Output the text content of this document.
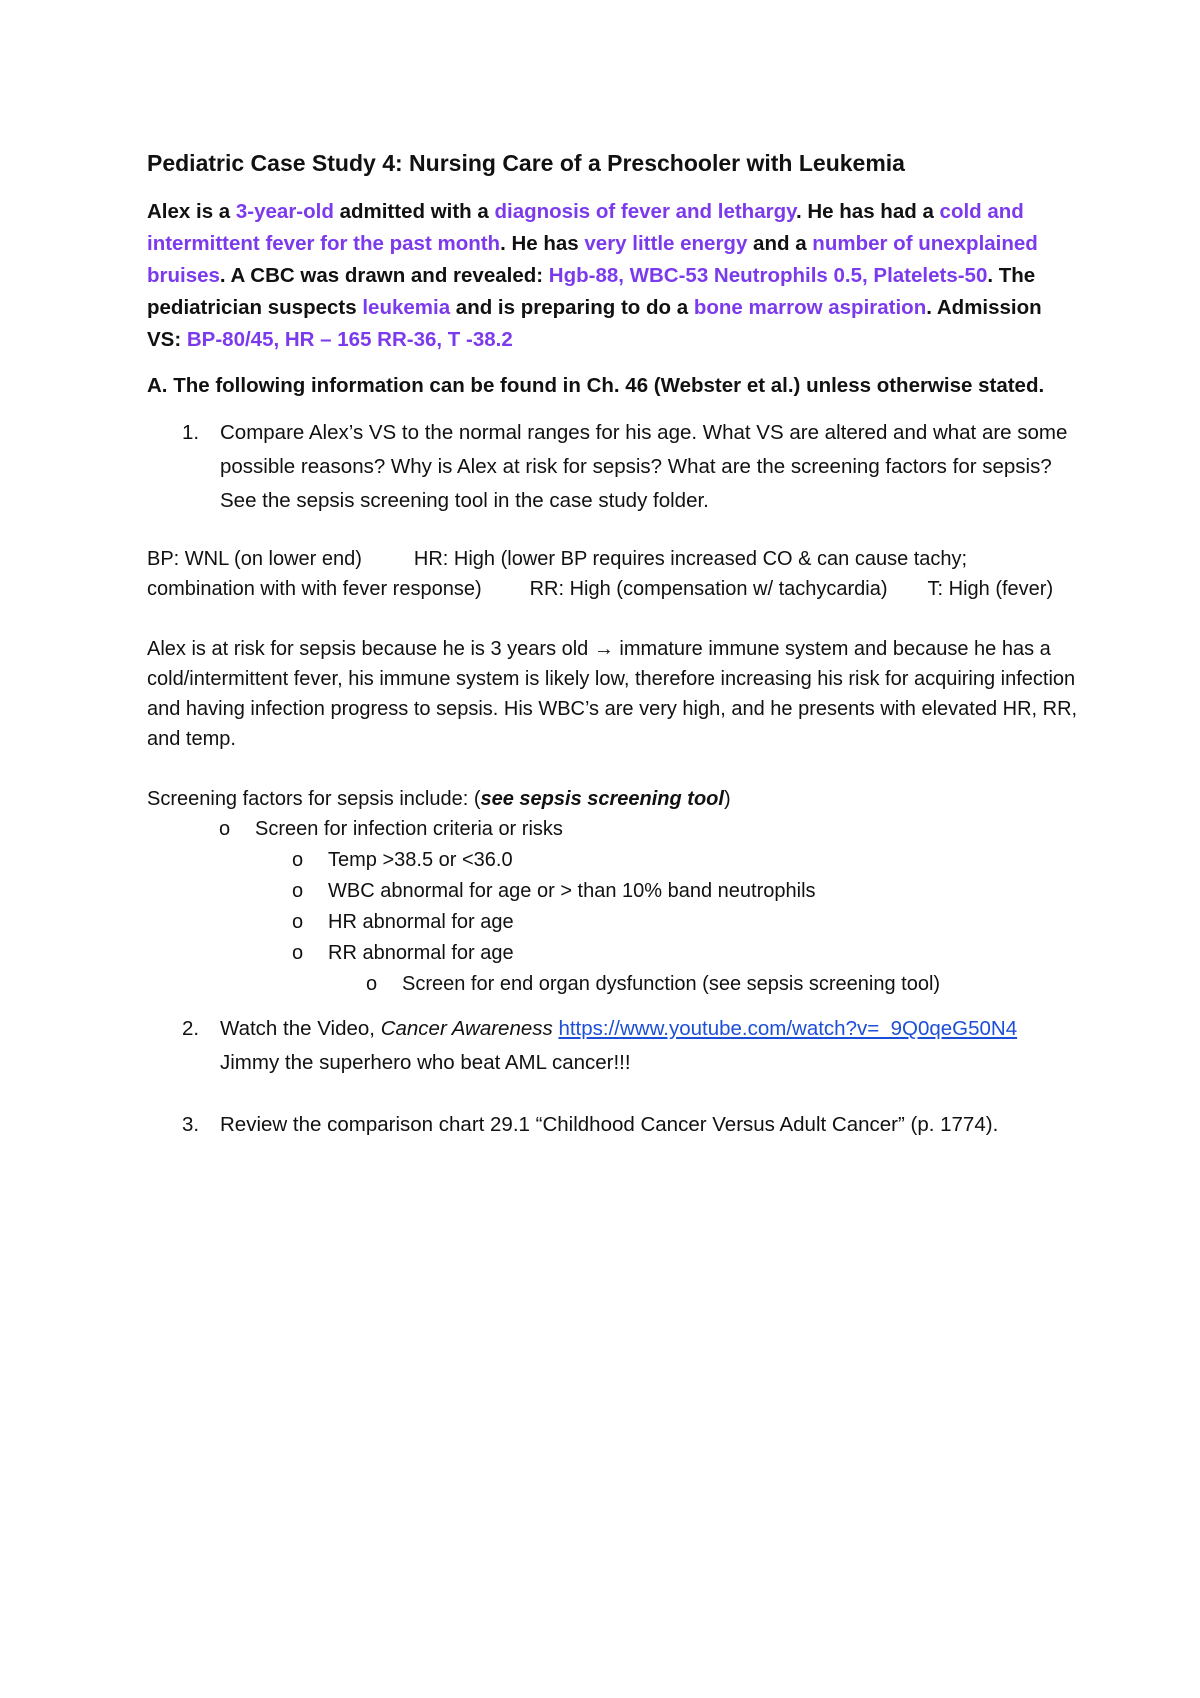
Pediatric Case Study 4: Nursing Care of a Preschooler with Leukemia

Alex is a 3-year-old admitted with a diagnosis of fever and lethargy. He has had a cold and intermittent fever for the past month. He has very little energy and a number of unexplained bruises. A CBC was drawn and revealed: Hgb-88, WBC-53 Neutrophils 0.5, Platelets-50. The pediatrician suspects leukemia and is preparing to do a bone marrow aspiration. Admission VS: BP-80/45, HR – 165 RR-36, T -38.2

A. The following information can be found in Ch. 46 (Webster et al.) unless otherwise stated.

1.	Compare Alex’s VS to the normal ranges for his age. What VS are altered and what are some possible reasons? Why is Alex at risk for sepsis? What are the screening factors for sepsis? See the sepsis screening tool in the case study folder.

BP: WNL (on lower end)	HR: High (lower BP requires increased CO & can cause tachy; combination with with fever response) RR: High (compensation w/ tachycardia) T: High (fever)

Alex is at risk for sepsis because he is 3 years old → immature immune system and because he has a cold/intermittent fever, his immune system is likely low, therefore increasing his risk for acquiring infection and having infection progress to sepsis. His WBC’s are very high, and he presents with elevated HR, RR, and temp.

Screening factors for sepsis include: (see sepsis screening tool)

o	Screen for infection criteria or risks
o	Temp >38.5 or <36.0
o	WBC abnormal for age or > than 10% band neutrophils
o	HR abnormal for age
o	RR abnormal for age
o	Screen for end organ dysfunction (see sepsis screening tool)
2.	Watch the Video, Cancer Awareness https://www.youtube.com/watch?v=_9Q0qeG50N4
Jimmy the superhero who beat AML cancer!!!
3.	Review the comparison chart 29.1 “Childhood Cancer Versus Adult Cancer” (p. 1774).
